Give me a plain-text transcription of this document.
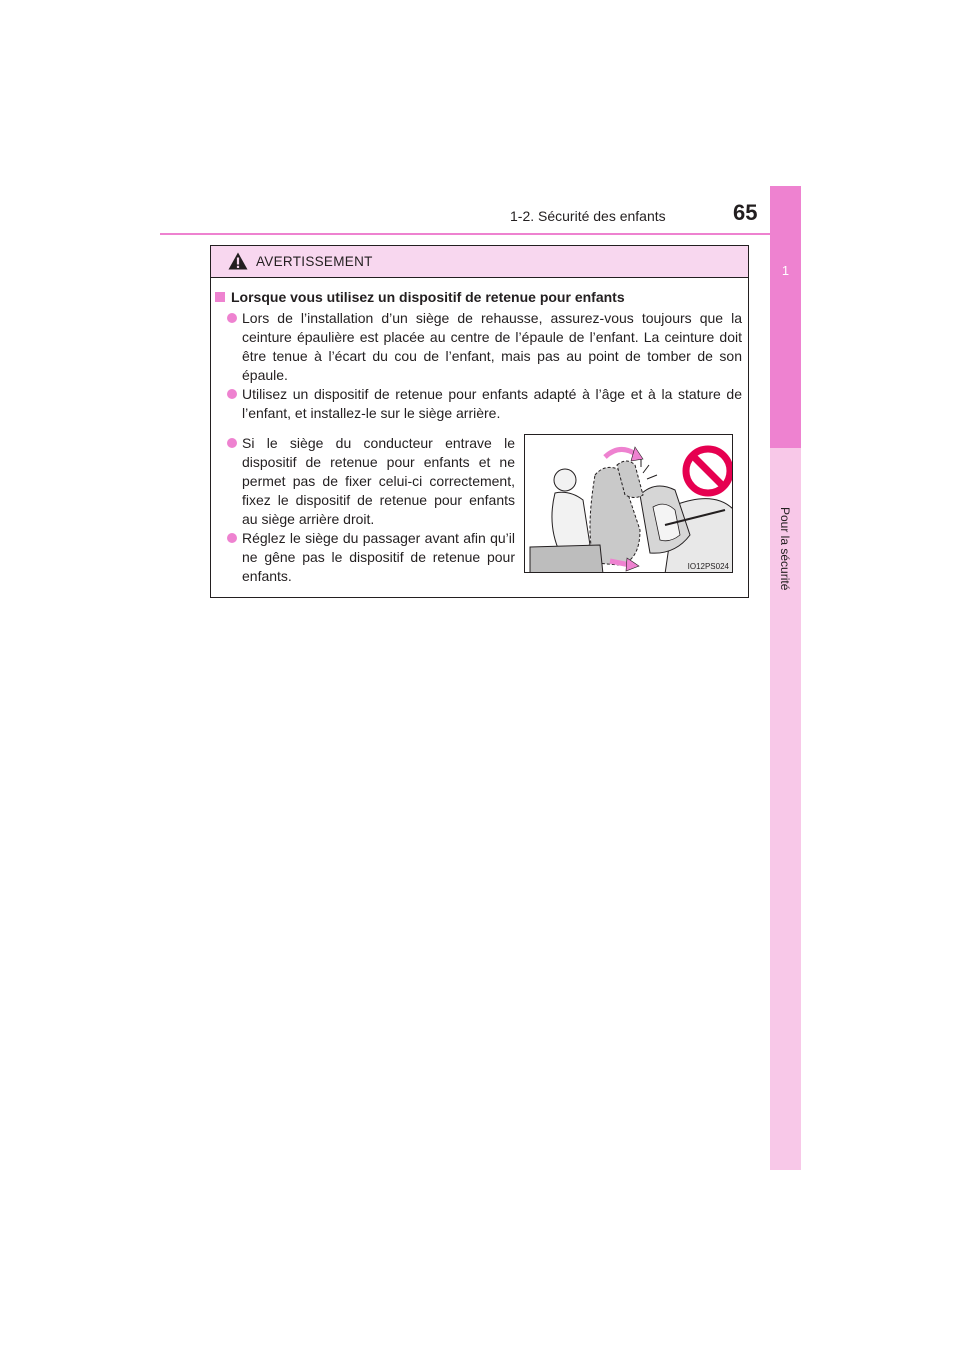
1
Pour la sécurité
1-2. Sécurité des enfants	65
AVERTISSEMENT
Lorsque vous utilisez un dispositif de retenue pour enfants
Lors de l’installation d’un siège de rehausse, assurez-vous toujours que la ceinture épaulière est placée au centre de l’épaule de l’enfant. La ceinture doit être tenue à l’écart du cou de l’enfant, mais pas au point de tomber de son épaule.
Utilisez un dispositif de retenue pour enfants adapté à l’âge et à la stature de l’enfant, et installez-le sur le siège arrière.
Si le siège du conducteur entrave le dispositif de retenue pour enfants et ne permet pas de fixer celui-ci correctement, fixez le dispositif de retenue pour enfants au siège arrière droit.
Réglez le siège du passager avant afin qu’il ne gêne pas le dispositif de retenue pour enfants.
IO12PS024
